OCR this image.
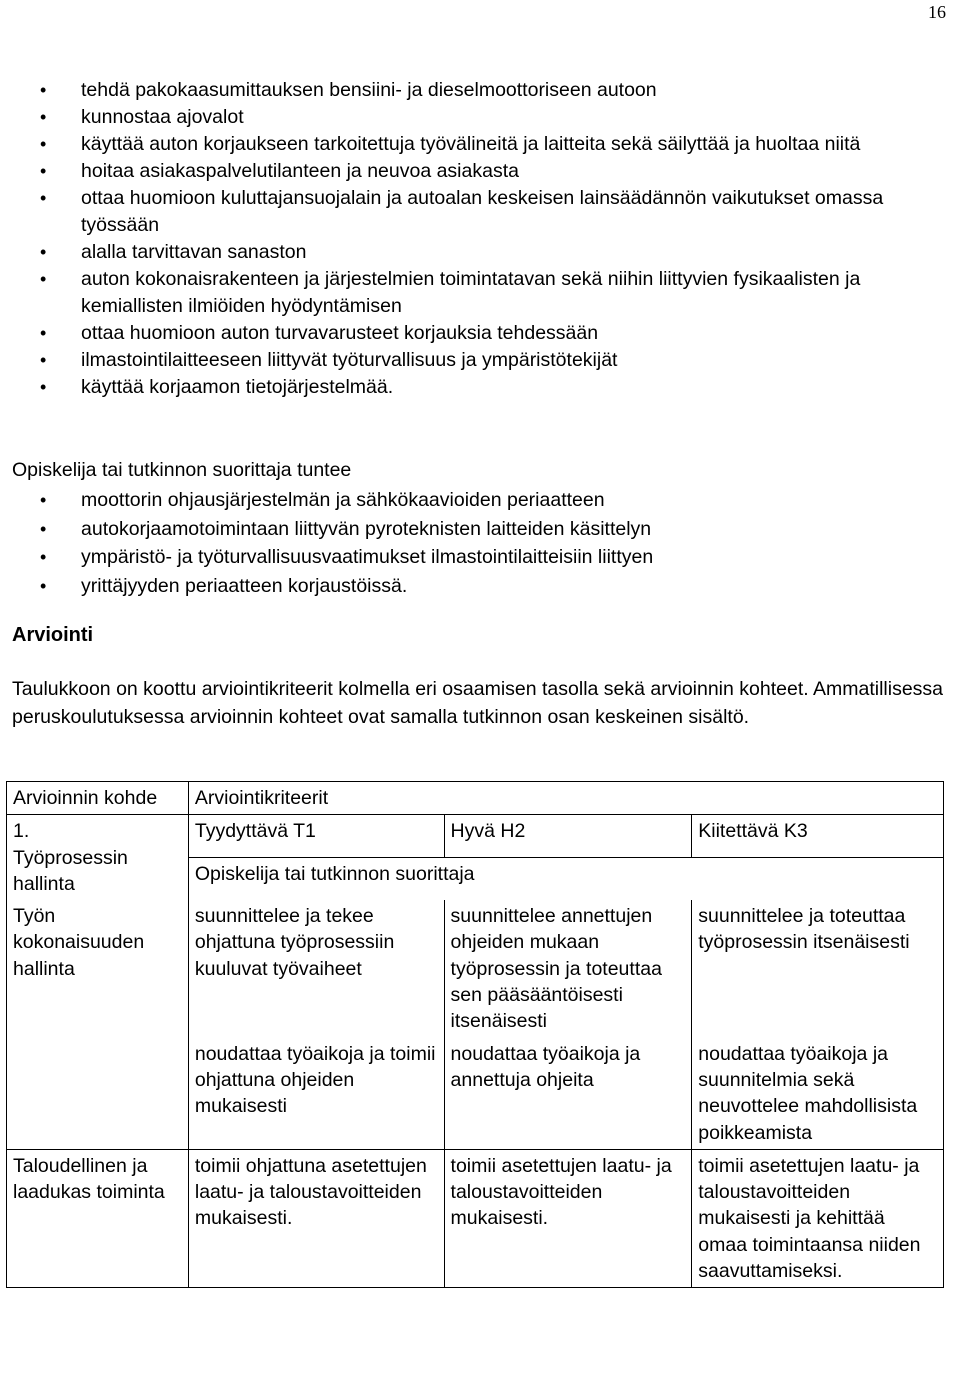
16
• tehdä pakokaasumittauksen bensiini- ja dieselmoottoriseen autoon
• kunnostaa ajovalot
• käyttää auton korjaukseen tarkoitettuja työvälineitä ja laitteita sekä säilyttää ja huoltaa niitä
• hoitaa asiakaspalvelutilanteen ja neuvoa asiakasta
• ottaa huomioon kuluttajansuojalain ja autoalan keskeisen lainsäädännön vaikutukset omassa työssään
• alalla tarvittavan sanaston
• auton kokonaisrakenteen ja järjestelmien toimintatavan sekä niihin liittyvien fysikaalisten ja kemiallisten ilmiöiden hyödyntämisen
• ottaa huomioon auton turvavarusteet korjauksia tehdessään
• ilmastointilaitteeseen liittyvät työturvallisuus ja ympäristötekijät
• käyttää korjaamon tietojärjestelmää.
Opiskelija tai tutkinnon suorittaja tuntee
• moottorin ohjausjärjestelmän ja sähkökaavioiden periaatteen
• autokorjaamotoimintaan liittyvän pyroteknisten laitteiden käsittelyn
• ympäristö- ja työturvallisuusvaatimukset ilmastointilaitteisiin liittyen
• yrittäjyyden periaatteen korjaustöissä.
Arviointi
Taulukkoon on koottu arviointikriteerit kolmella eri osaamisen tasolla sekä arvioinnin kohteet. Ammatillisessa peruskoulutuksessa arvioinnin kohteet ovat samalla tutkinnon osan keskeinen sisältö.
Arvioinnin kohde	Arviointikriteerit		
1.
Työprosessin hallinta	Tyydyttävä T1	Hyvä H2	Kiitettävä K3
	Opiskelija tai tutkinnon suorittaja		
Työn kokonaisuuden hallinta	suunnittelee ja tekee ohjattuna työprosessiin kuuluvat työvaiheet	suunnittelee annettujen ohjeiden mukaan työprosessin ja toteuttaa sen pääsääntöisesti itsenäisesti	suunnittelee ja toteuttaa työprosessin itsenäisesti
	noudattaa työaikoja ja toimii ohjattuna ohjeiden mukaisesti	noudattaa työaikoja ja annettuja ohjeita	noudattaa työaikoja ja suunnitelmia sekä neuvottelee mahdollisista poikkeamista
Taloudellinen ja laadukas toiminta	toimii ohjattuna asetettujen laatu- ja taloustavoitteiden mukaisesti.	toimii asetettujen laatu- ja taloustavoitteiden mukaisesti.	toimii asetettujen laatu- ja taloustavoitteiden mukaisesti ja kehittää omaa toimintaansa niiden saavuttamiseksi.
